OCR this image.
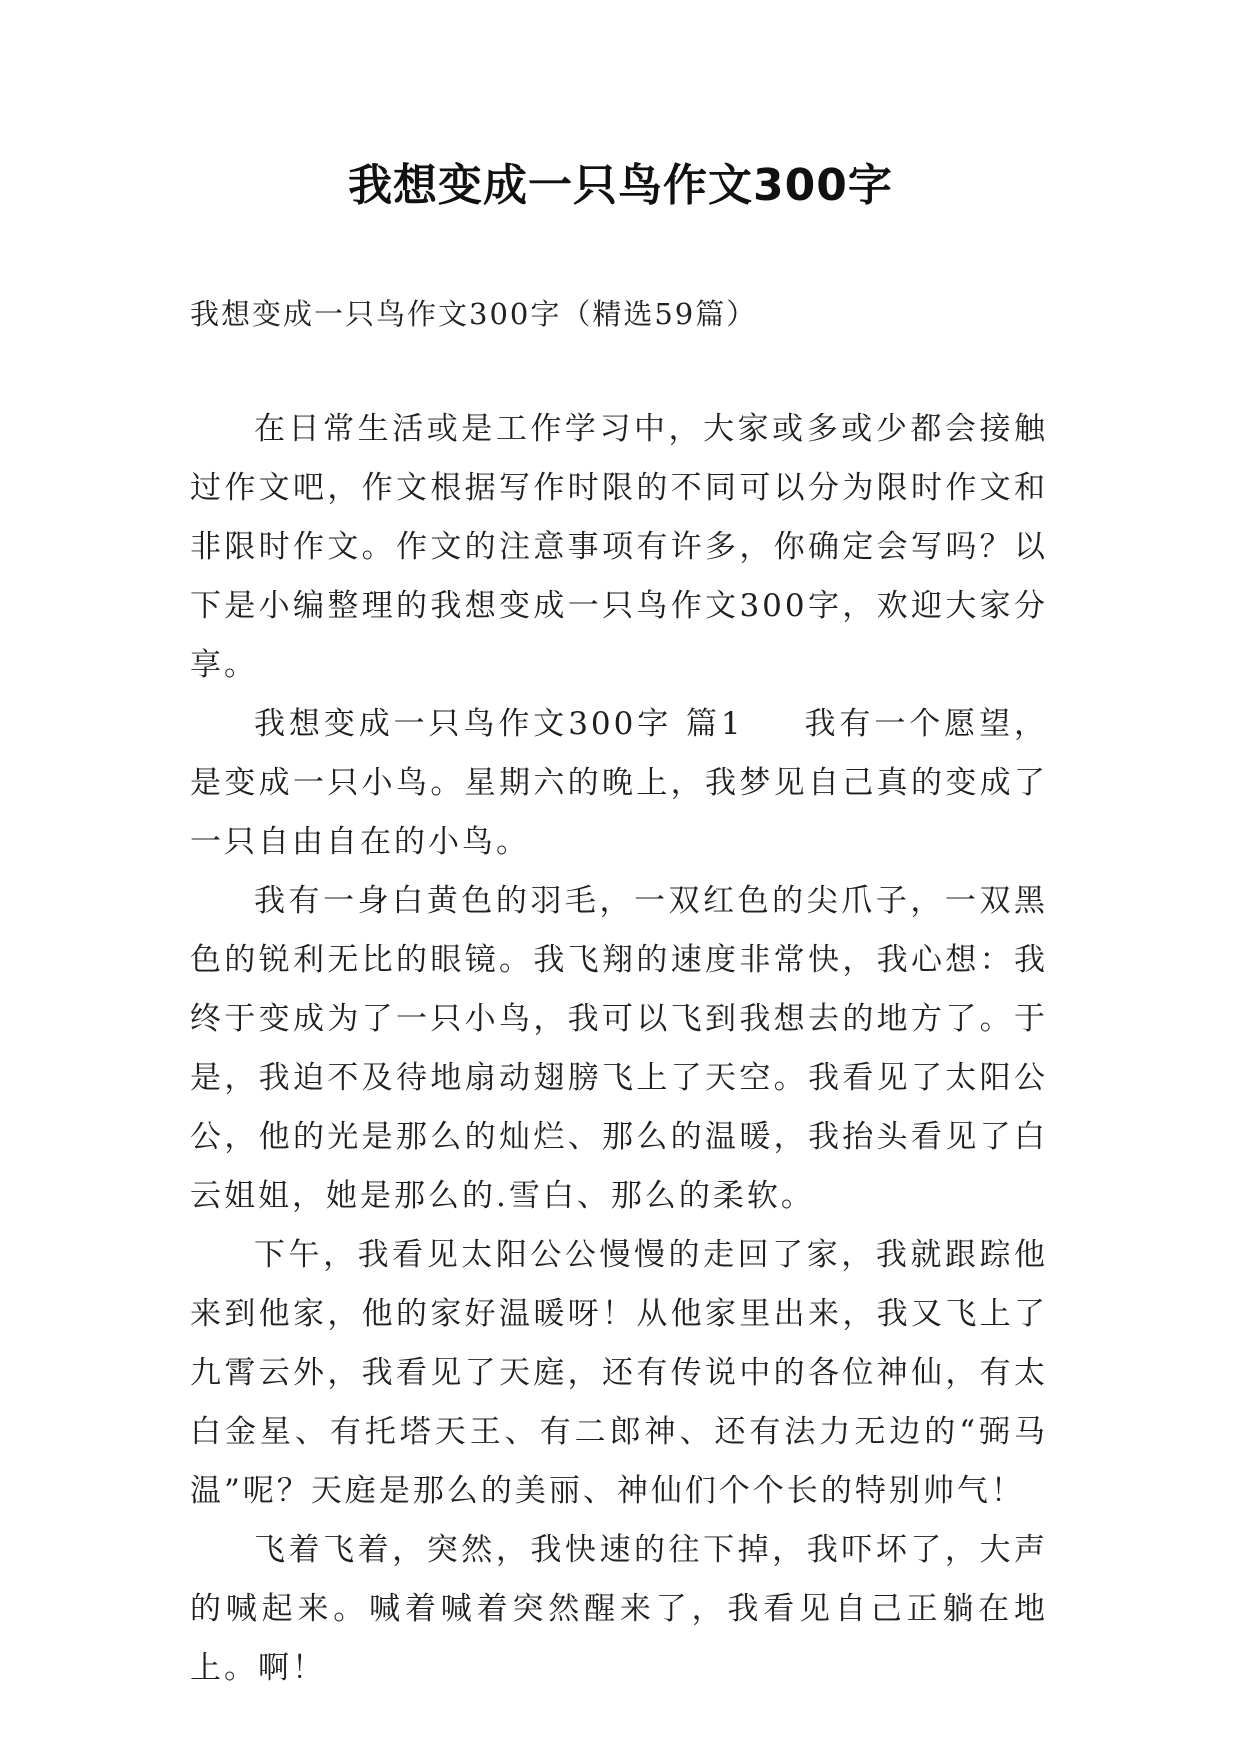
我想变成一只鸟作文300字
我想变成一只鸟作文300字（精选59篇）

在日常生活或是工作学习中，大家或多或少都会接触过作文吧，作文根据写作时限的不同可以分为限时作文和非限时作文。作文的注意事项有许多，你确定会写吗？以下是小编整理的我想变成一只鸟作文300字，欢迎大家分享。

我想变成一只鸟作文300字 篇1 我有一个愿望，是变成一只小鸟。星期六的晚上，我梦见自己真的变成了一只自由自在的小鸟。

我有一身白黄色的羽毛，一双红色的尖爪子，一双黑色的锐利无比的眼镜。我飞翔的速度非常快，我心想：我终于变成为了一只小鸟，我可以飞到我想去的地方了。于是，我迫不及待地扇动翅膀飞上了天空。我看见了太阳公公，他的光是那么的灿烂、那么的温暖，我抬头看见了白云姐姐，她是那么的.雪白、那么的柔软。

下午，我看见太阳公公慢慢的走回了家，我就跟踪他来到他家，他的家好温暖呀！从他家里出来，我又飞上了九霄云外，我看见了天庭，还有传说中的各位神仙，有太白金星、有托塔天王、有二郎神、还有法力无边的“弼马温”呢？天庭是那么的美丽、神仙们个个长的特别帅气！

飞着飞着，突然，我快速的往下掉，我吓坏了，大声的喊起来。喊着喊着突然醒来了，我看见自己正躺在地上。啊！
